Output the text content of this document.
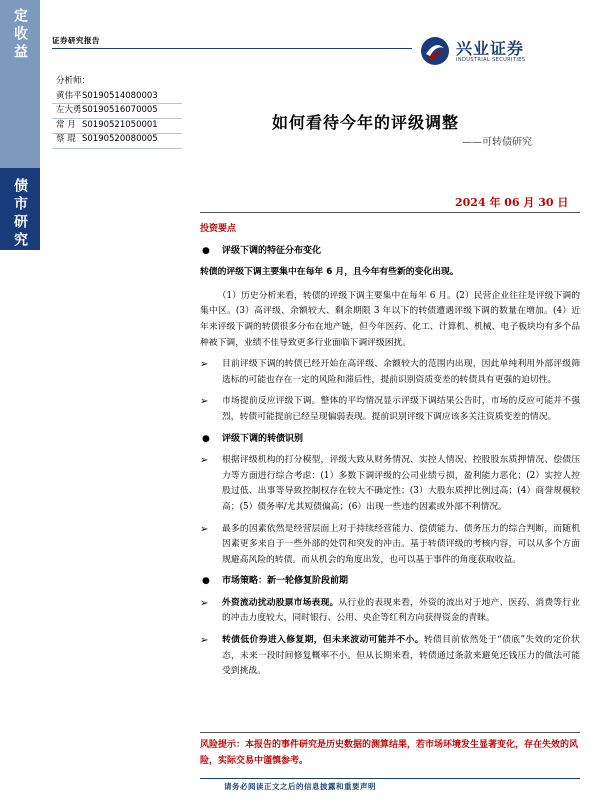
定收益
债市研究
证券研究报告	兴业证券
INDUSTRIAL SECURITIES
分析师：
黄伟平 S0190514080003
左大勇 S0190516070005
常 月 S0190521050001
蔡 琨 S0190520080005
如何看待今年的评级调整
——可转债研究
2024 年 06 月 30 日
投资要点
●	评级下调的特征分布变化
转债的评级下调主要集中在每年 6 月，且今年有些新的变化出现。
（1）历史分析来看，转债的评级下调主要集中在每年 6 月。(2）民营企业往往是评级下调的集中区。(3）高评级、余额较大、剩余期限 3 年以下的转债遭遇评级下调的数量在增加。(4）近年来评级下调的转债很多分布在地产链，但今年医药、化工、计算机、机械、电子板块均有多个品种被下调，业绩不佳导致更多行业面临下调评级困扰。
➢	目前评级下调的转债已经开始在高评级、余额较大的范围内出现，因此单纯利用外部评级筛选标的可能也存在一定的风险和滞后性，提前识别资质变差的转债具有更强的迫切性。
➢	市场提前反应评级下调。整体的平均情况显示评级下调结果公告时，市场的反应可能并不强烈，转债可能提前已经呈现偏弱表现。提前识别评级下调应该多关注资质变差的情况。
●	评级下调的转债识别
➢	根据评级机构的打分模型，评级大致从财务情况、实控人情况、控股股东质押情况、偿债压力等方面进行综合考虑：(1）多数下调评级的公司业绩亏损，盈利能力恶化；(2）实控人控股过低、出事等导致控制权存在较大不确定性；(3）大股东质押比例过高；(4）商誉规模较高；(5）债务率/尤其短债偏高；(6）出现一些违约因素或外部不利情况。
➢	最多的因素依然是经营层面上对于持续经营能力、偿债能力、债务压力的综合判断，而随机因素更多来自于一些外部的处罚和突发的冲击。基于转债评级的考核内容，可以从多个方面规避高风险的转债。而从机会的角度出发，也可以基于事件的角度获取收益。
●	市场策略：新一轮修复阶段前期
➢	外资流动扰动股票市场表现。从行业的表现来看，外资的流出对于地产、医药、消费等行业的冲击力度较大，同时银行、公用、央企等红利方向获得资金的青睐。
➢	转债低价券进入修复期，但未来波动可能并不小。转债目前依然处于“债底”失效的定价状态，未来一段时间修复概率不小。但从长期来看，转债通过条款来避免还钱压力的做法可能受到挑战。
风险提示：本报告的事件研究是历史数据的测算结果，若市场环境发生显著变化，存在失效的风险，实际交易中谨慎参考。
请务必阅读正文之后的信息披露和重要声明
